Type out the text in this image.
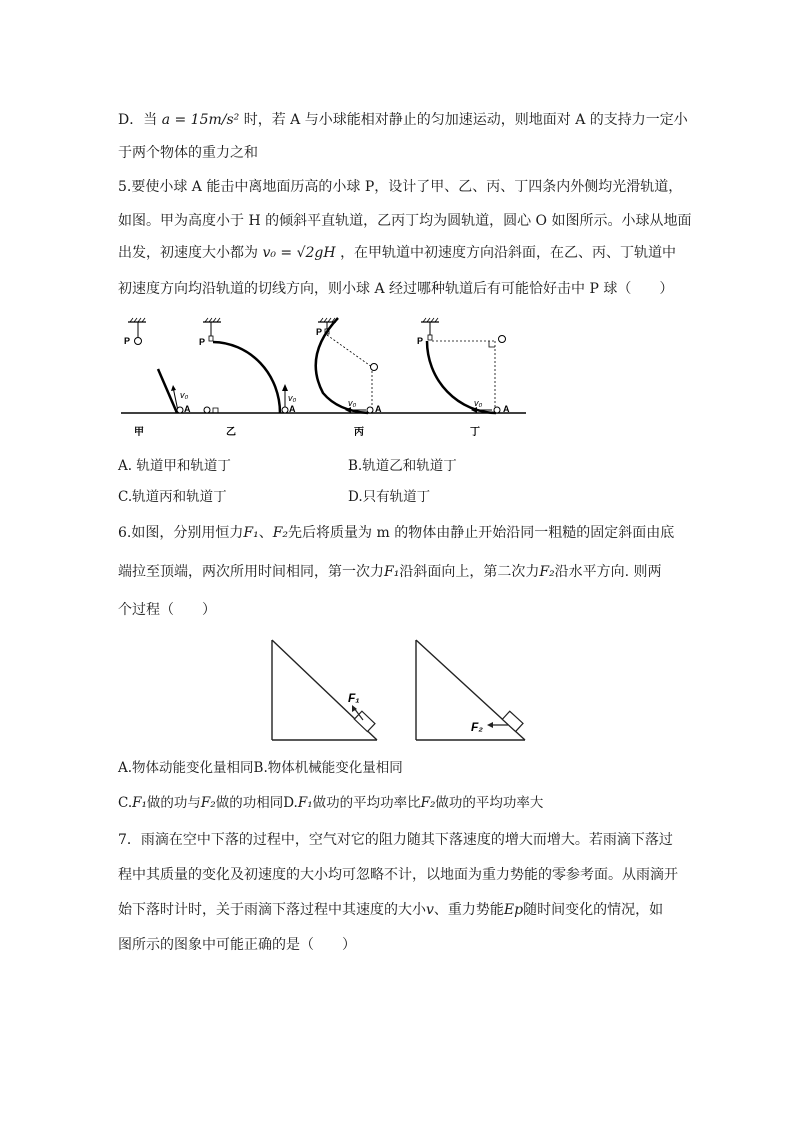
D．当 a = 15m/s² 时，若 A 与小球能相对静止的匀加速运动，则地面对 A 的支持力一定小
于两个物体的重力之和
5.要使小球 A 能击中离地面历高的小球 P，设计了甲、乙、丙、丁四条内外侧均光滑轨道，
如图。甲为高度小于 H 的倾斜平直轨道，乙丙丁均为圆轨道，圆心 O 如图所示。小球从地面
出发，初速度大小都为 v₀ = √2gH ，在甲轨道中初速度方向沿斜面，在乙、丙、丁轨道中
初速度方向均沿轨道的切线方向，则小球 A 经过哪种轨道后有可能恰好击中 P 球（　　）
P
v₀
A
甲
P
v₀
A
乙
P
v₀
A
丙
P
v₀
A
丁
A. 轨道甲和轨道丁	B.轨道乙和轨道丁
C.轨道丙和轨道丁	D.只有轨道丁
6.如图，分别用恒力F₁、F₂先后将质量为 m 的物体由静止开始沿同一粗糙的固定斜面由底
端拉至顶端，两次所用时间相同，第一次力F₁沿斜面向上，第二次力F₂沿水平方向. 则两
个过程（　　）
F₁
F₂
A.物体动能变化量相同B.物体机械能变化量相同
C.F₁做的功与F₂做的功相同D.F₁做功的平均功率比F₂做功的平均功率大
7．雨滴在空中下落的过程中，空气对它的阻力随其下落速度的增大而增大。若雨滴下落过
程中其质量的变化及初速度的大小均可忽略不计，以地面为重力势能的零参考面。从雨滴开
始下落时计时，关于雨滴下落过程中其速度的大小v、重力势能Ep随时间变化的情况，如
图所示的图象中可能正确的是（　　）
